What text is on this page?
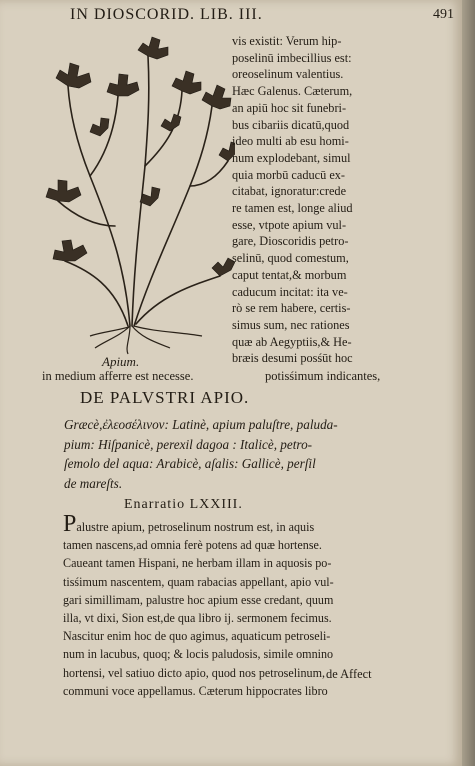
IN DIOSCORID. LIB. III.	491
vis existit: Verum hip-
poselinū imbecillius est:
oreoselinum valentius.
Hæc Galenus. Cæterum,
an apiū hoc sit funebri-
bus cibariis dicatū,quod
ideo multi ab esu homi-
num explodebant, simul
quia morbū caducū ex-
citabat, ignoratur:crede
re tamen est, longe aliud
esse, vtpote apium vul-
gare, Dioscoridis petro-
selinū, quod comestum,
caput tentat,& morbum
caducum incitat: ita ve-
rò se rem habere, certis-
simus sum, nec rationes
quæ ab Aegyptiis,& He-
bræis desumi posśūt hoc
Apium.
potisśimum indicantes,
in medium afferre est necesse.
DE PALVSTRI APIO.
Græcè,ἐλεοσέλινον: Latinè, apium paluſtre, paluda-
pium: Hiſpanicè, perexil dagoa : Italicè, petro-
ſemolo del aqua: Arabicè, aſalis: Gallicè, perſil
de mareſts.
Enarratio LXXIII.
Palustre apium, petroselinum nostrum est, in aquis
tamen nascens,ad omnia ferè potens ad quæ hortense.
Caueant tamen Hispani, ne herbam illam in aquosis po-
tisśimum nascentem, quam rabacias appellant, apio vul-
gari simillimam, palustre hoc apium esse credant, quum
illa, vt dixi, Sion est,de qua libro ij. sermonem fecimus.
Nascitur enim hoc de quo agimus, aquaticum petroseli-
num in lacubus, quoq; & locis paludosis, simile omnino
hortensi, vel satiuo dicto apio, quod nos petroselinum,
communi voce appellamus. Cæterum hippocrates libro
de Affect
